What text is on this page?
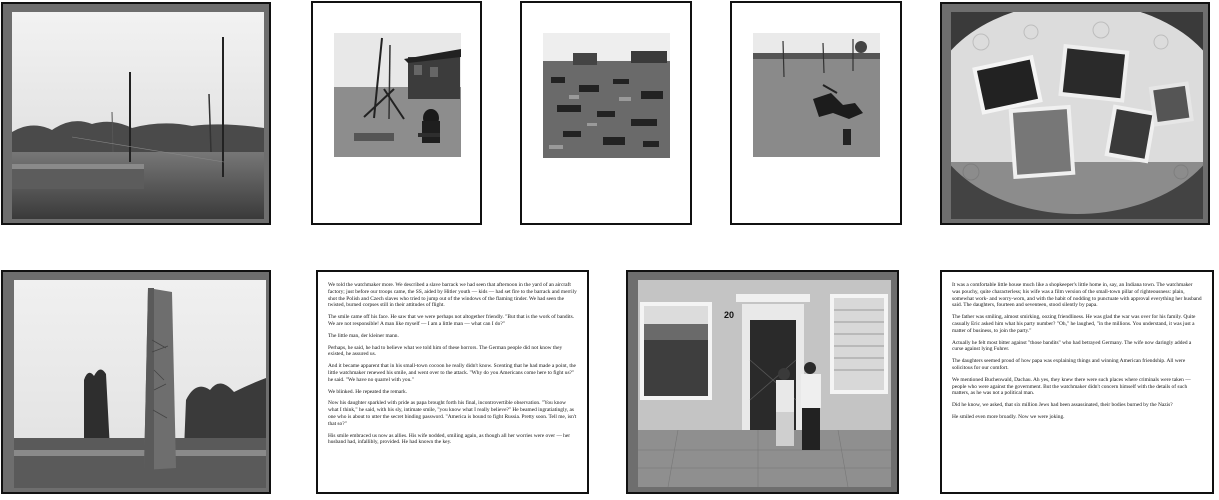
We told the watchmaker more. We described a slave barrack we had seen that afternoon in the yard of an aircraft factory; just before our troops came, the SS, aided by Hitler youth — kids — had set fire to the barrack and merrily shot the Polish and Czech slaves who tried to jump out of the windows of the flaming tinder. We had seen the twisted, burned corpses still in their attitudes of flight.

The smile came off his face. He saw that we were perhaps not altogether friendly. "But that is the work of bandits. We are not responsible! A man like myself — I am a little man — what can I do?"

The little man, der kleiner mann.

Perhaps, he said, he had to believe what we told him of these horrors. The German people did not know they existed, he assured us.

And it became apparent that in his small-town cocoon he really didn't know. Scenting that he had made a point, the little watchmaker renewed his smile, and went over to the attack. "Why do you Americans come here to fight us?" he said. "We have no quarrel with you."

We blinked. He repeated the remark.

Now his daughter sparkled with pride as papa brought forth his final, incontrovertible observation. "You know what I think," he said, with his sly, intimate smile, "you know what I really believe?" He beamed ingratiatingly, as one who is about to utter the secret binding password. "America is bound to fight Russia. Pretty soon. Tell me, isn't that so?"

His smile embraced us now as allies. His wife nodded, smiling again, as though all her worries were over — her husband had, infallibly, provided. He had known the key.

20

It was a comfortable little house much like a shopkeeper's little home in, say, an Indiana town. The watchmaker was pouchy, quite characterless; his wife was a film version of the small-town pillar of righteousness: plain, somewhat work- and worry-worn, and with the habit of nodding to punctuate with approval everything her husband said. The daughters, fourteen and seventeen, stood silently by papa.

The father was smiling, almost smirking, oozing friendliness. He was glad the war was over for his family. Quite casually Eric asked him what his party number? "Oh," he laughed, "in the millions. You understand, it was just a matter of business, to join the party."

Actually he felt most bitter against "those bandits" who had betrayed Germany. The wife now daringly added a curse against lying Fuhrer.

The daughters seemed proud of how papa was explaining things and winning American friendship. All were solicitous for our comfort.

We mentioned Buchenwald, Dachau. Ah yes, they knew there were such places where criminals were taken — people who were against the government. But the watchmaker didn't concern himself with the details of such matters, as he was not a political man.

Did he know, we asked, that six million Jews had been assassinated, their bodies burned by the Nazis?

He smiled even more broadly. Now we were joking.
